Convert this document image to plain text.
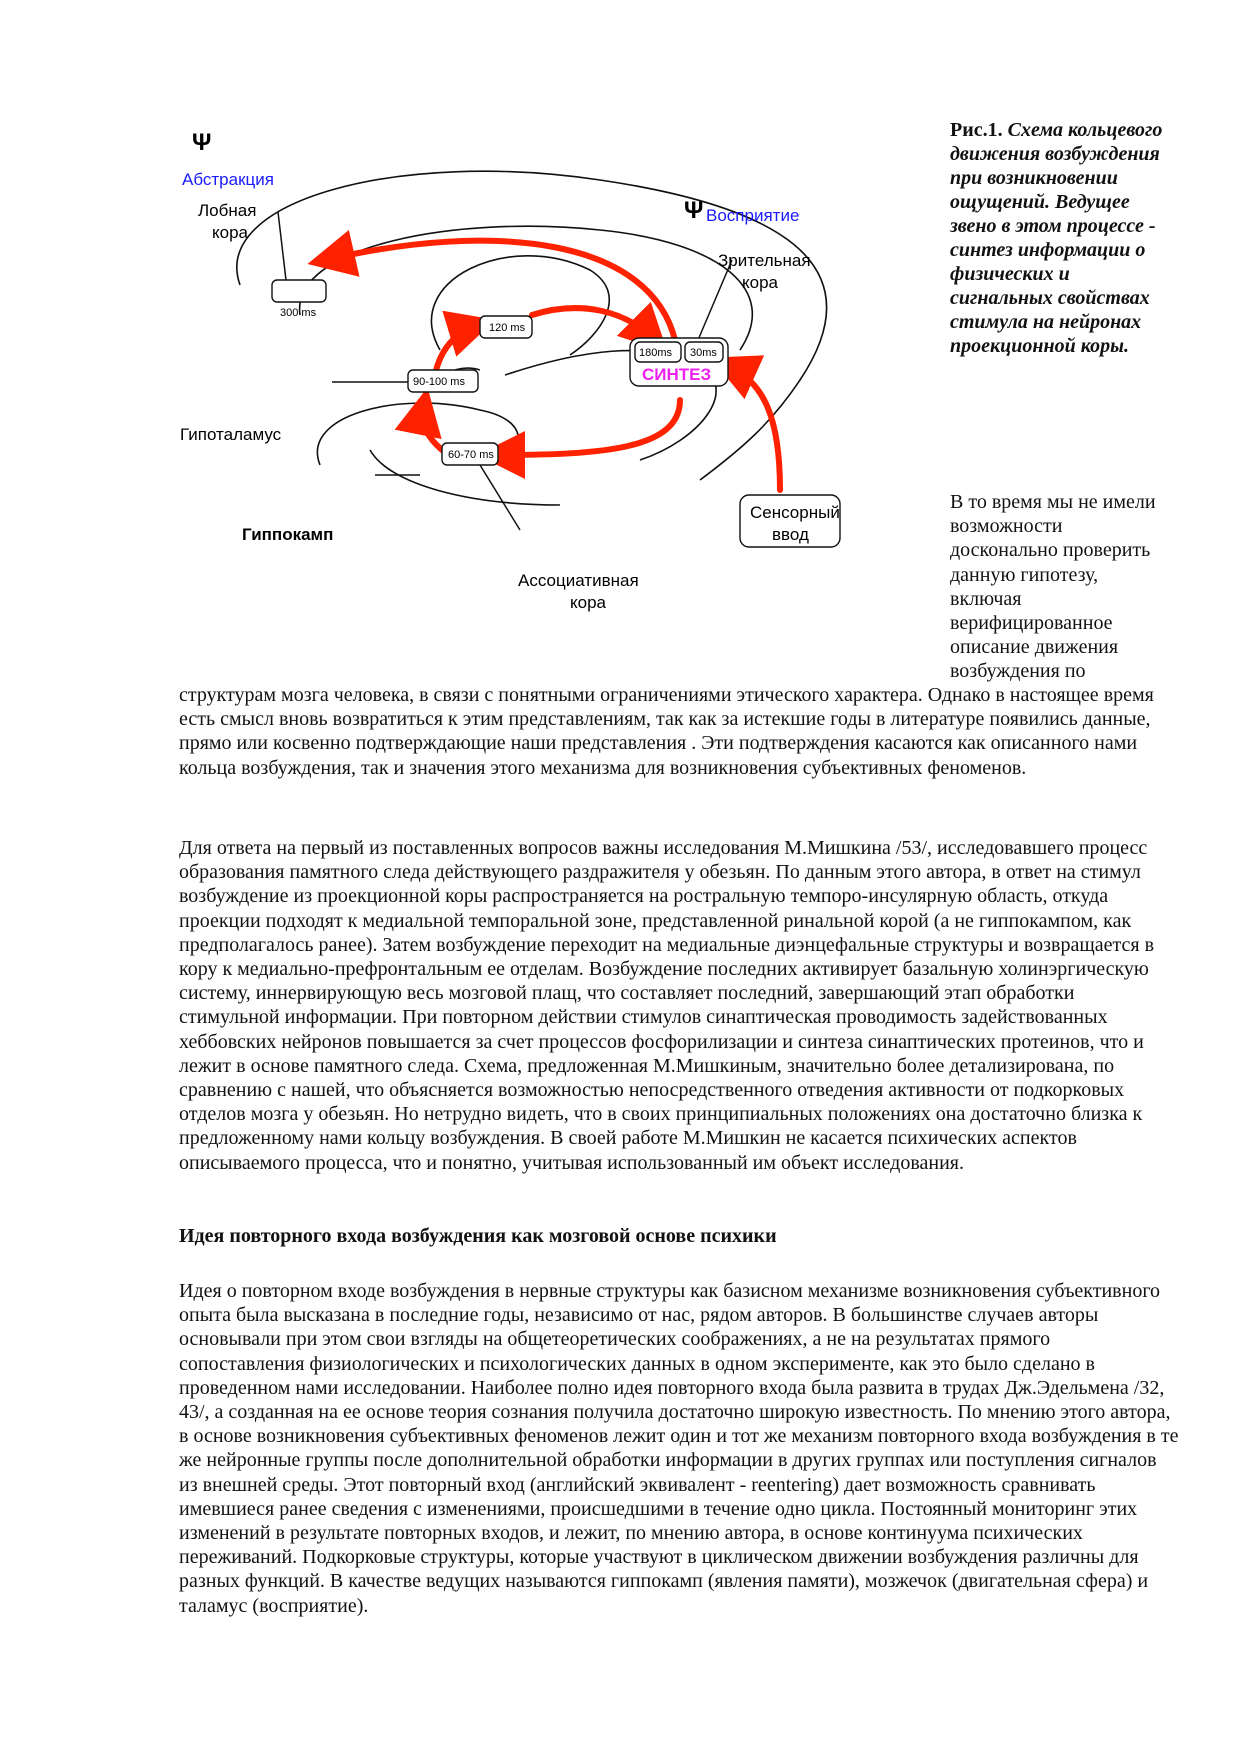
Ψ
Абстракция
Лобная
кора
Ψ Восприятие
Зрительная
кора
Гипоталамус
Гиппокамп
Ассоциативная
кора
300 ms
120 ms
90-100 ms
60-70 ms
180ms 30ms
СИНТЕЗ
Сенсорный
ввод
Рис.1. Схема кольцевого движения возбуждения при возникновении ощущений. Ведущее звено в этом процессе - синтез информации о физических и сигнальных свойствах стимула на нейронах проекционной коры.

В то время мы не имели возможности досконально проверить данную гипотезу, включая верифицированное описание движения возбуждения по

структурам мозга человека, в связи с понятными ограничениями этического характера. Однако в настоящее время есть смысл вновь возвратиться к этим представлениям, так как за истекшие годы в литературе появились данные, прямо или косвенно подтверждающие наши представления . Эти подтверждения касаются как описанного нами кольца возбуждения, так и значения этого механизма для возникновения субъективных феноменов.

Для ответа на первый из поставленных вопросов важны исследования М.Мишкина /53/, исследовавшего процесс образования памятного следа действующего раздражителя у обезьян. По данным этого автора, в ответ на стимул возбуждение из проекционной коры распространяется на ростральную темпоро-инсулярную область, откуда проекции подходят к медиальной темпоральной зоне, представленной ринальной корой (а не гиппокампом, как предполагалось ранее). Затем возбуждение переходит на медиальные диэнцефальные структуры и возвращается в кору к медиально-префронтальным ее отделам. Возбуждение последних активирует базальную холинэргическую систему, иннервирующую весь мозговой плащ, что составляет последний, завершающий этап обработки стимульной информации. При повторном действии стимулов синаптическая проводимость задействованных хеббовских нейронов повышается за счет процессов фосфорилизации и синтеза синаптических протеинов, что и лежит в основе памятного следа. Схема, предложенная М.Мишкиным, значительно более детализирована, по сравнению с нашей, что объясняется возможностью непосредственного отведения активности от подкорковых отделов мозга у обезьян. Но нетрудно видеть, что в своих принципиальных положениях она достаточно близка к предложенному нами кольцу возбуждения. В своей работе М.Мишкин не касается психических аспектов описываемого процесса, что и понятно, учитывая использованный им объект исследования.

Идея повторного входа возбуждения как мозговой основе психики

Идея о повторном входе возбуждения в нервные структуры как базисном механизме возникновения субъективного опыта была высказана в последние годы, независимо от нас, рядом авторов. В большинстве случаев авторы основывали при этом свои взгляды на общетеоретических соображениях, а не на результатах прямого сопоставления физиологических и психологических данных в одном эксперименте, как это было сделано в проведенном нами исследовании. Наиболее полно идея повторного входа была развита в трудах Дж.Эдельмена /32, 43/, а созданная на ее основе теория сознания получила достаточно широкую известность. По мнению этого автора, в основе возникновения субъективных феноменов лежит один и тот же механизм повторного входа возбуждения в те же нейронные группы после дополнительной обработки информации в других группах или поступления сигналов из внешней среды. Этот повторный вход (английский эквивалент - reentering) дает возможность сравнивать имевшиеся ранее сведения с изменениями, происшедшими в течение одно цикла. Постоянный мониторинг этих изменений в результате повторных входов, и лежит, по мнению автора, в основе континуума психических переживаний. Подкорковые структуры, которые участвуют в циклическом движении возбуждения различны для разных функций. В качестве ведущих называются гиппокамп (явления памяти), мозжечок (двигательная сфера) и таламус (восприятие).
